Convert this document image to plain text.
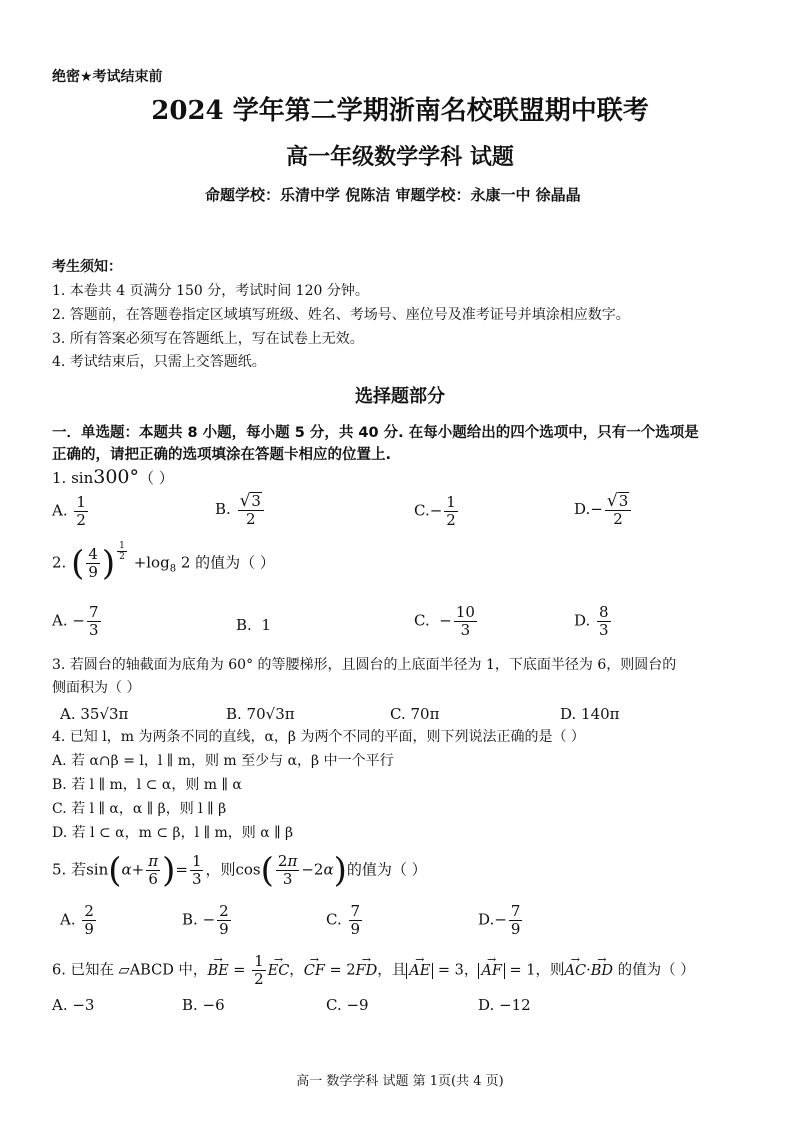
绝密★考试结束前
2024 学年第二学期浙南名校联盟期中联考
高一年级数学学科 试题
命题学校：乐清中学 倪陈洁 审题学校：永康一中 徐晶晶
考生须知：
1. 本卷共 4 页满分 150 分，考试时间 120 分钟。
2. 答题前，在答题卷指定区域填写班级、姓名、考场号、座位号及准考证号并填涂相应数字。
3. 所有答案必须写在答题纸上，写在试卷上无效。
4. 考试结束后，只需上交答题纸。
选择题部分
一．单选题：本题共 8 小题，每小题 5 分，共 40 分. 在每小题给出的四个选项中，只有一个选项是
正确的，请把正确的选项填涂在答题卡相应的位置上.
1. sin300°（ ）
A. $\frac{1}{2}$	B. $\frac{√ 3}{2}$	$C.- \frac{1}{2}$	$D.- \frac{√ 3}{2}$
2. ( $\frac{4}{9}$ ) $\frac{1}{2}$
$+\log_8$ 2 的值为（ ）
A. − $\frac{7}{3}$	B. 1	C.  − $\frac{10}{3}$	D. $\frac{8}{3}$
3. 若圆台的轴截面为底角为 60° 的等腰梯形，且圆台的上底面半径为 1，下底面半径为 6，则圆台的
侧面积为（ ）
A. 35√3π	B. 70√3π	C. 70π	D. 140π
4. 已知 l，m 为两条不同的直线，α，β 为两个不同的平面，则下列说法正确的是（ ）
A. 若 α∩β = l，l ∥ m，则 m 至少与 α，β 中一个平行
B. 若 l ∥ m，l ⊂ α，则 m ∥ α
C. 若 l ∥ α，α ∥ β，则 l ∥ β
D. 若 l ⊂ α，m ⊂ β，l ∥ m，则 α ∥ β
5. 若$\sin(\alpha+ \frac{\pi}{6}$ )= $\frac{1}{3}$ ，则$\cos( \frac{2\pi}{3} -2\alpha)$的值为（ ）
A. $\frac{2}{9}$	B. − $\frac{2}{9}$	C. $\frac{7}{9}$	$D.- \frac{7}{9}$
6. 已知在 ▱ABCD 中，→ BE = $\frac{1}{2}$ → EC，→ CF = 2→ FD，且 → AE = 3， → AF = 1，则→ AC·→ BD 的值为（ ）
A. −3	B. −6	C. −9	D. −12
高一 数学学科 试题 第 1页(共 4 页)
